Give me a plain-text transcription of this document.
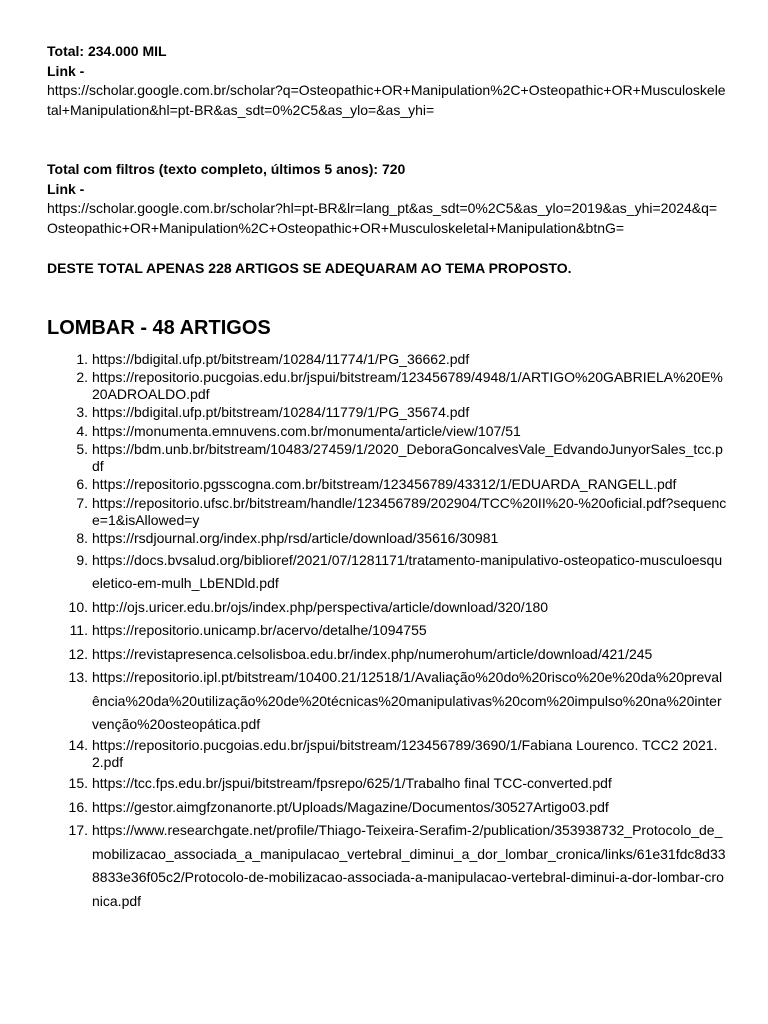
Total: 234.000 MIL

Link -

https://scholar.google.com.br/scholar?q=Osteopathic+OR+Manipulation%2C+Osteopathic+OR+Musculoskeletal+Manipulation&hl=pt-BR&as_sdt=0%2C5&as_ylo=&as_yhi=

Total com filtros (texto completo, últimos 5 anos): 720

Link -

https://scholar.google.com.br/scholar?hl=pt-BR&lr=lang_pt&as_sdt=0%2C5&as_ylo=2019&as_yhi=2024&q=Osteopathic+OR+Manipulation%2C+Osteopathic+OR+Musculoskeletal+Manipulation&btnG=

DESTE TOTAL APENAS 228 ARTIGOS SE ADEQUARAM AO TEMA PROPOSTO.
LOMBAR - 48 ARTIGOS
1. https://bdigital.ufp.pt/bitstream/10284/11774/1/PG_36662.pdf
2. https://repositorio.pucgoias.edu.br/jspui/bitstream/123456789/4948/1/ARTIGO%20GABRIELA%20E%20ADROALDO.pdf
3. https://bdigital.ufp.pt/bitstream/10284/11779/1/PG_35674.pdf
4. https://monumenta.emnuvens.com.br/monumenta/article/view/107/51
5. https://bdm.unb.br/bitstream/10483/27459/1/2020_DeboraGoncalvesVale_EdvandoJunyorSales_tcc.pdf
6. https://repositorio.pgsscogna.com.br/bitstream/123456789/43312/1/EDUARDA_RANGELL.pdf
7. https://repositorio.ufsc.br/bitstream/handle/123456789/202904/TCC%20II%20-%20oficial.pdf?sequence=1&isAllowed=y
8. https://rsdjournal.org/index.php/rsd/article/download/35616/30981
9. https://docs.bvsalud.org/biblioref/2021/07/1281171/tratamento-manipulativo-osteopatico-musculoesqueletico-em-mulh_LbENDld.pdf
10. http://ojs.uricer.edu.br/ojs/index.php/perspectiva/article/download/320/180
11. https://repositorio.unicamp.br/acervo/detalhe/1094755
12. https://revistapresenca.celsolisboa.edu.br/index.php/numerohum/article/download/421/245
13. https://repositorio.ipl.pt/bitstream/10400.21/12518/1/Avaliação%20do%20risco%20e%20da%20prevalência%20da%20utilização%20de%20técnicas%20manipulativas%20com%20impulso%20na%20intervenção%20osteopática.pdf
14. https://repositorio.pucgoias.edu.br/jspui/bitstream/123456789/3690/1/Fabiana Lourenco. TCC2 2021.2.pdf
15. https://tcc.fps.edu.br/jspui/bitstream/fpsrepo/625/1/Trabalho final TCC-converted.pdf
16. https://gestor.aimgfzonanorte.pt/Uploads/Magazine/Documentos/30527Artigo03.pdf
17. https://www.researchgate.net/profile/Thiago-Teixeira-Serafim-2/publication/353938732_Protocolo_de_mobilizacao_associada_a_manipulacao_vertebral_diminui_a_dor_lombar_cronica/links/61e31fdc8d338833e36f05c2/Protocolo-de-mobilizacao-associada-a-manipulacao-vertebral-diminui-a-dor-lombar-cronica.pdf
